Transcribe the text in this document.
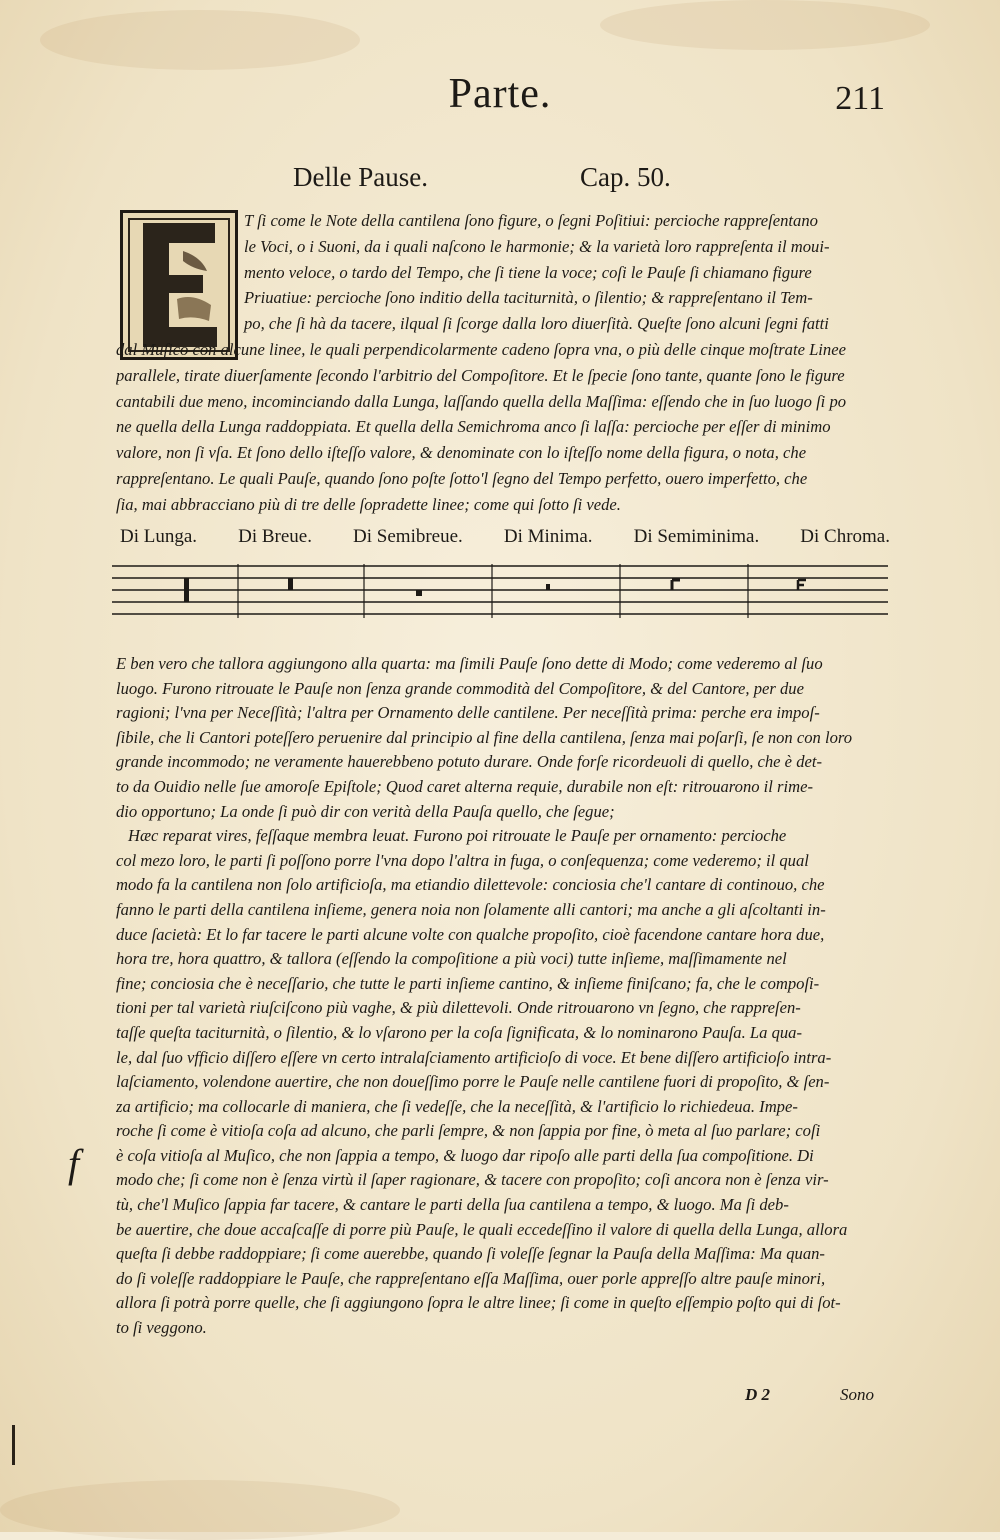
Parte.	211
Delle Pause.	Cap. 50.
T ſi come le Note della cantilena ſono figure, o ſegni Poſitiui: percioche rappreſentano
le Voci, o i Suoni, da i quali naſcono le harmonie; & la varietà loro rappreſenta il moui-
mento veloce, o tardo del Tempo, che ſi tiene la voce; coſi le Pauſe ſi chiamano figure
Priuatiue: percioche ſono inditio della taciturnità, o ſilentio; & rappreſentano il Tem-
po, che ſi hà da tacere, ilqual ſi ſcorge dalla loro diuerſità. Queſte ſono alcuni ſegni fatti
dal Muſico con alcune linee, le quali perpendicolarmente cadeno ſopra vna, o più delle cinque moſtrate Linee
parallele, tirate diuerſamente ſecondo l'arbitrio del Compoſitore. Et le ſpecie ſono tante, quante ſono le figure
cantabili due meno, incominciando dalla Lunga, laſſando quella della Maſſima: eſſendo che in ſuo luogo ſi po
ne quella della Lunga raddoppiata. Et quella della Semichroma anco ſi laſſa: percioche per eſſer di minimo
valore, non ſi vſa. Et ſono dello iſteſſo valore, & denominate con lo iſteſſo nome della figura, o nota, che
rappreſentano. Le quali Pauſe, quando ſono poſte ſotto'l ſegno del Tempo perfetto, ouero imperfetto, che
ſia, mai abbracciano più di tre delle ſopradette linee; come qui ſotto ſi vede.
Di Lunga. Di Breue. Di Semibreue. Di Minima. Di Semiminima. Di Chroma.
E ben vero che tallora aggiungono alla quarta: ma ſimili Pauſe ſono dette di Modo; come vederemo al ſuo
luogo. Furono ritrouate le Pauſe non ſenza grande commodità del Compoſitore, & del Cantore, per due
ragioni; l'vna per Neceſſità; l'altra per Ornamento delle cantilene. Per neceſſità prima: perche era impoſ-
ſibile, che li Cantori poteſſero peruenire dal principio al fine della cantilena, ſenza mai poſarſi, ſe non con loro
grande incommodo; ne veramente hauerebbeno potuto durare. Onde forſe ricordeuoli di quello, che è det-
to da Ouidio nelle ſue amoroſe Epiſtole; Quod caret alterna requie, durabile non eſt: ritrouarono il rime-
dio opportuno; La onde ſi può dir con verità della Pauſa quello, che ſegue;
Hæc reparat vires, feſſaque membra leuat. Furono poi ritrouate le Pauſe per ornamento: percioche
col mezo loro, le parti ſi poſſono porre l'vna dopo l'altra in fuga, o conſequenza; come vederemo; il qual
modo fa la cantilena non ſolo artificioſa, ma etiandio dilettevole: conciosia che'l cantare di continouo, che
fanno le parti della cantilena inſieme, genera noia non ſolamente alli cantori; ma anche a gli aſcoltanti in-
duce ſacietà: Et lo far tacere le parti alcune volte con qualche propoſito, cioè facendone cantare hora due,
hora tre, hora quattro, & tallora (eſſendo la compoſitione a più voci) tutte inſieme, maſſimamente nel
fine; conciosia che è neceſſario, che tutte le parti inſieme cantino, & inſieme finiſcano; fa, che le compoſi-
tioni per tal varietà riuſciſcono più vaghe, & più dilettevoli. Onde ritrouarono vn ſegno, che rappreſen-
taſſe queſta taciturnità, o ſilentio, & lo vſarono per la coſa ſignificata, & lo nominarono Pauſa. La qua-
le, dal ſuo vfficio diſſero eſſere vn certo intralaſciamento artificioſo di voce. Et bene diſſero artificioſo intra-
laſciamento, volendone auertire, che non doueſſimo porre le Pauſe nelle cantilene fuori di propoſito, & ſen-
za artificio; ma collocarle di maniera, che ſi vedeſſe, che la neceſſità, & l'artificio lo richiedeua. Impe-
roche ſi come è vitioſa coſa ad alcuno, che parli ſempre, & non ſappia por fine, ò meta al ſuo parlare; coſi
è coſa vitioſa al Muſico, che non ſappia a tempo, & luogo dar ripoſo alle parti della ſua compoſitione. Di
modo che; ſi come non è ſenza virtù il ſaper ragionare, & tacere con propoſito; coſi ancora non è ſenza vir-
tù, che'l Muſico ſappia far tacere, & cantare le parti della ſua cantilena a tempo, & luogo. Ma ſi deb-
be auertire, che doue accaſcaſſe di porre più Pauſe, le quali eccedeſſino il valore di quella della Lunga, allora
queſta ſi debbe raddoppiare; ſi come auerebbe, quando ſi voleſſe ſegnar la Pauſa della Maſſima: Ma quan-
do ſi voleſſe raddoppiare le Pauſe, che rappreſentano eſſa Maſſima, ouer porle appreſſo altre pauſe minori,
allora ſi potrà porre quelle, che ſi aggiungono ſopra le altre linee; ſi come in queſto eſſempio poſto qui di ſot-
to ſi veggono.
f
D 2	Sono
